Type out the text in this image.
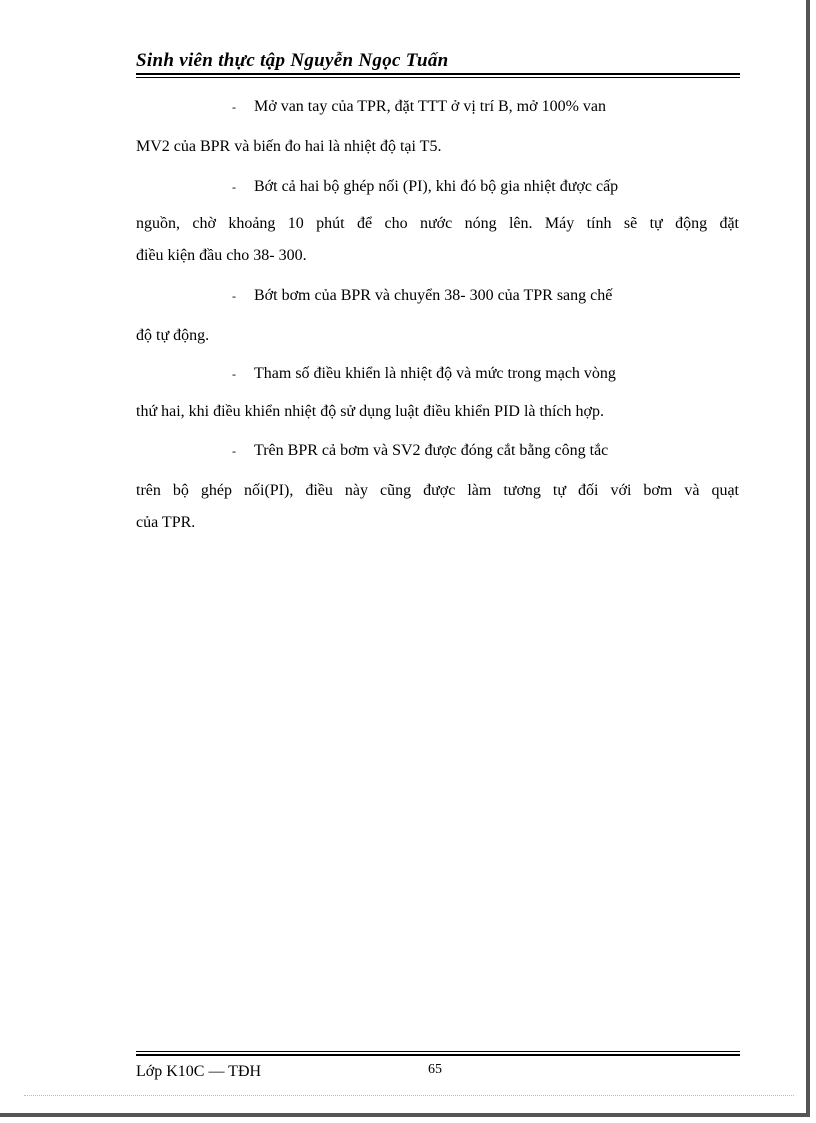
Sinh viên thực tập Nguyễn Ngọc Tuấn
- Mở van tay của TPR, đặt TTT ở vị trí B, mở 100% van
MV2 của BPR và biến đo hai là nhiệt độ tại T5.
- Bớt cả hai bộ ghép nối (PI), khi đó bộ gia nhiệt được cấp
nguồn, chờ khoảng 10 phút để cho nước nóng lên. Máy tính sẽ tự động đặt
điều kiện đầu cho 38- 300.
- Bớt bơm của BPR và chuyển 38- 300 của TPR sang chế
độ tự động.
- Tham số điều khiển là nhiệt độ và mức trong mạch vòng
thứ hai, khi điều khiển nhiệt độ sử dụng luật điều khiển PID là thích hợp.
- Trên BPR cả bơm và SV2 được đóng cắt bằng công tắc
trên bộ ghép nối(PI), điều này cũng được làm tương tự đối với bơm và quạt
của TPR.
Lớp K10C — TĐH	65
